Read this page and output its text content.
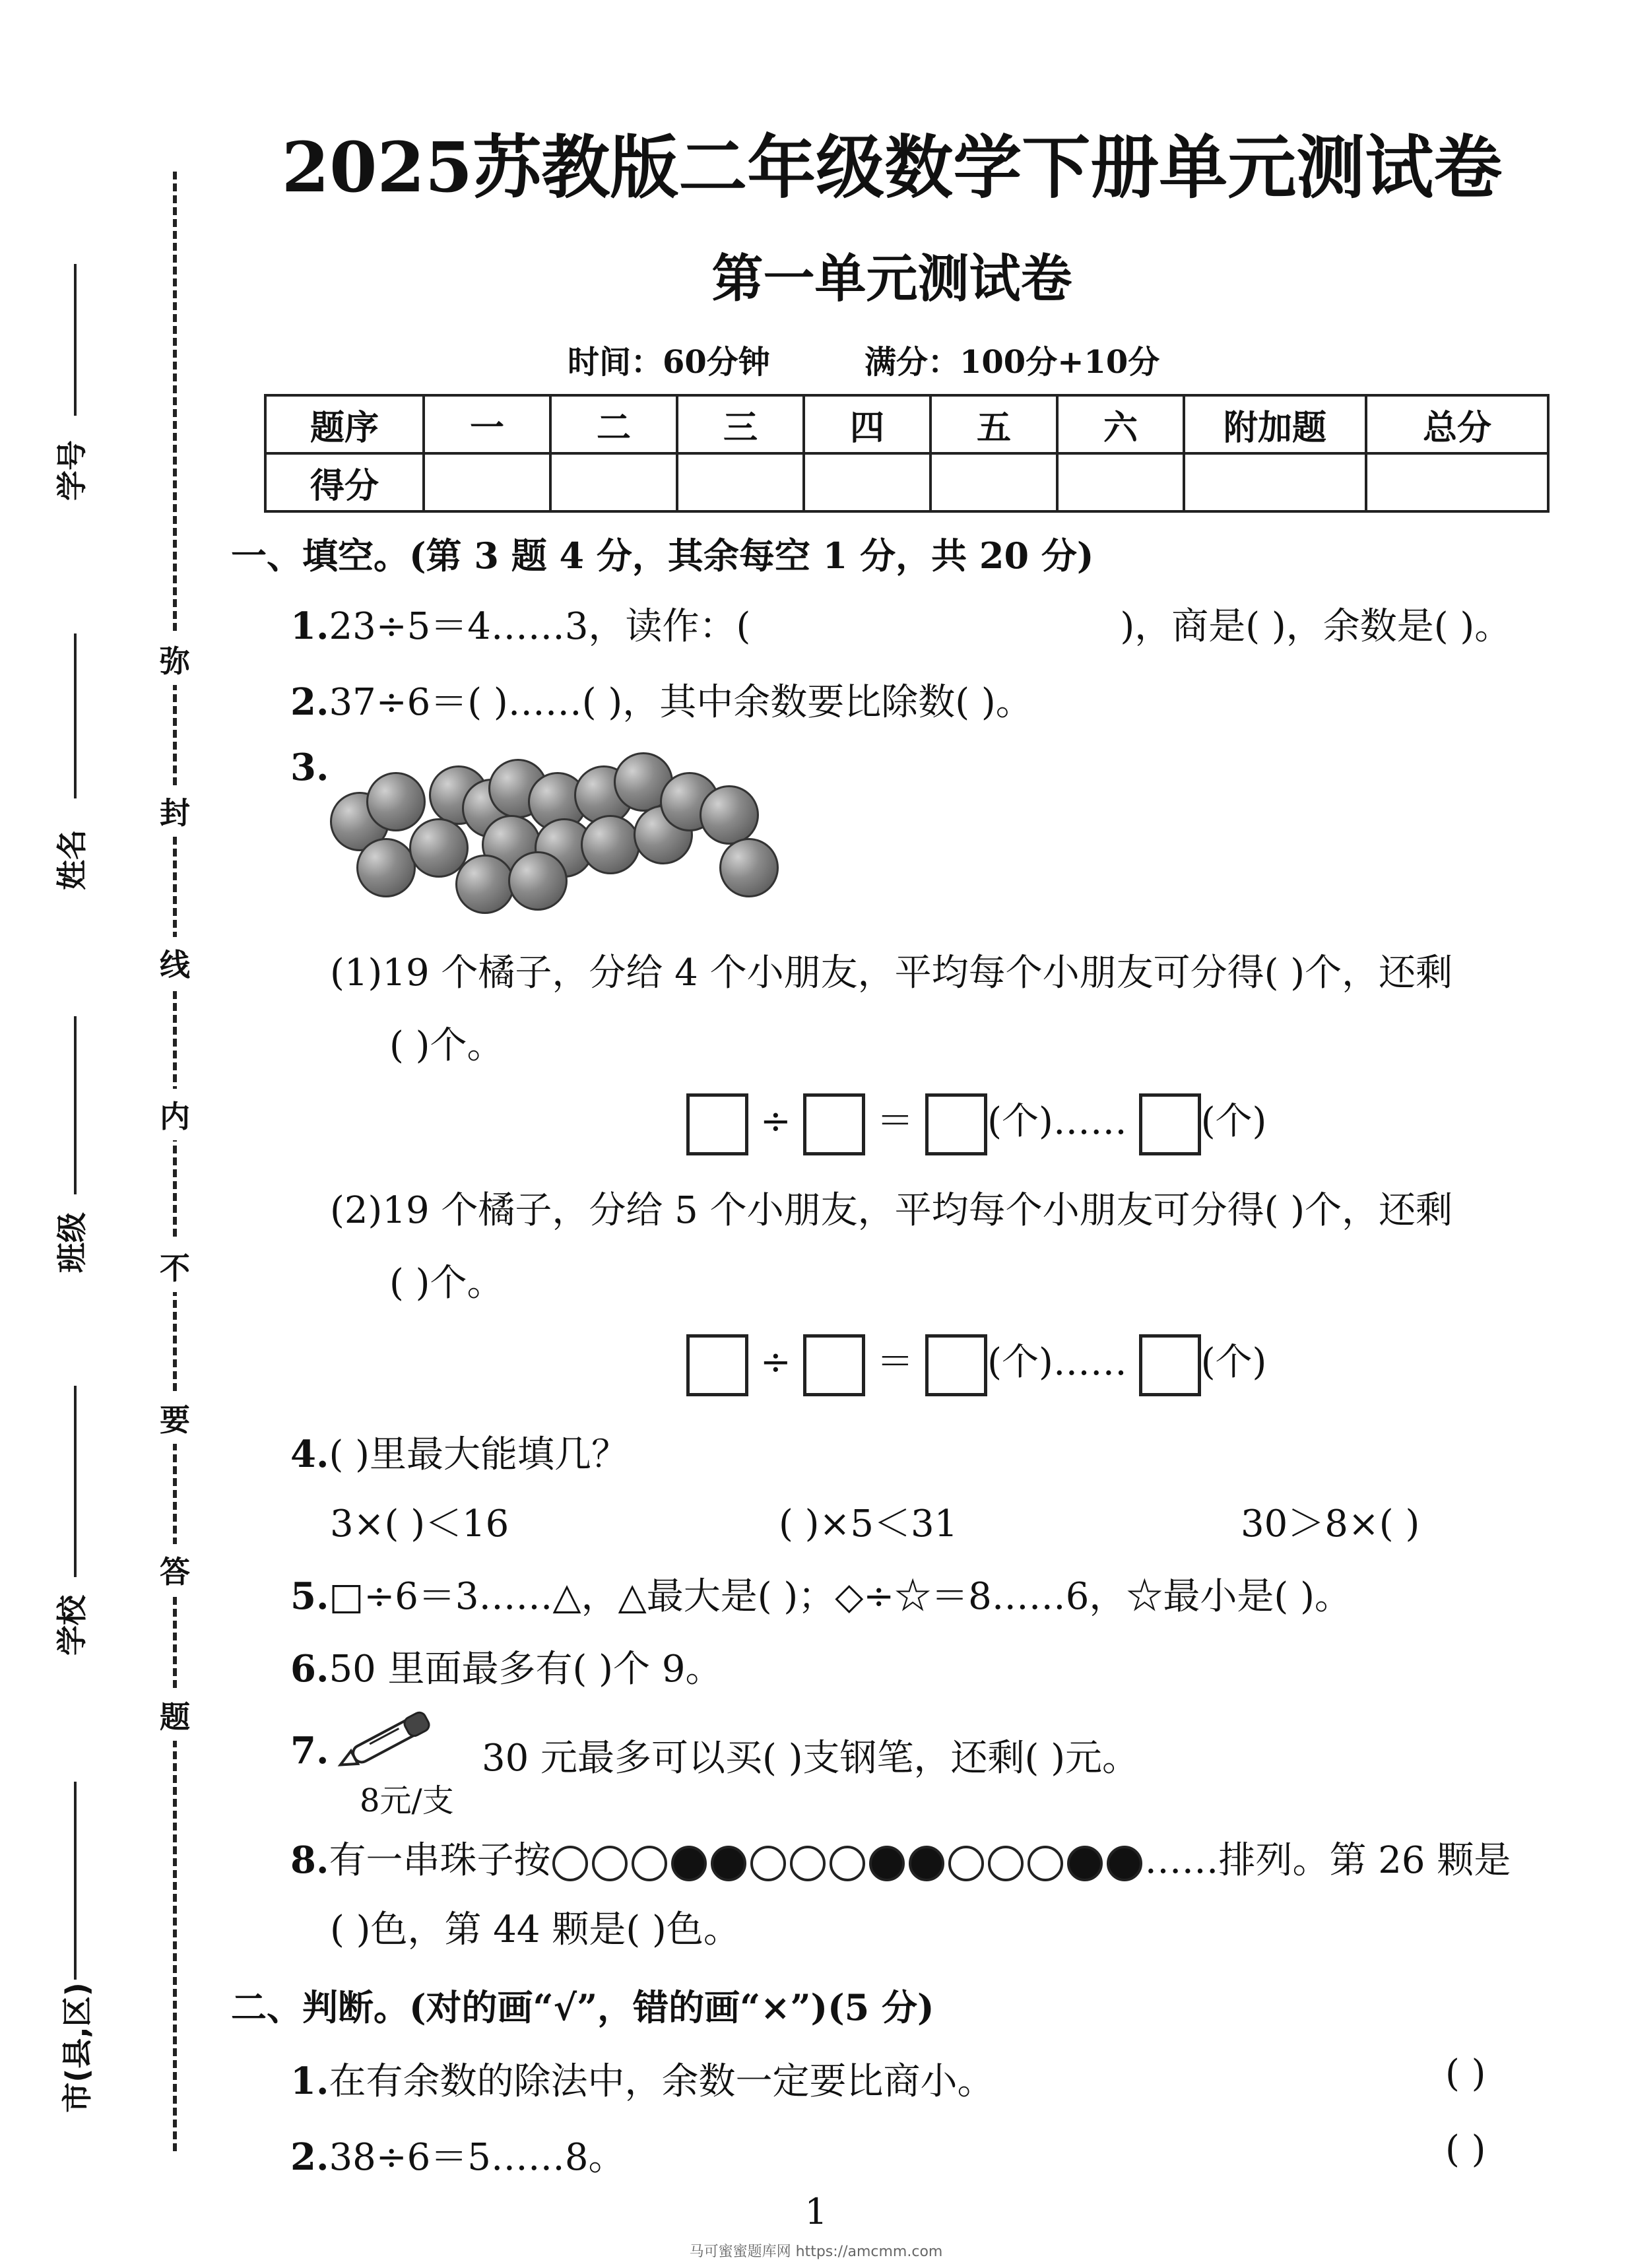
学号
姓名
班级
学校
市(县,区)
弥
封
线
内
不
要
答
题
2025苏教版二年级数学下册单元测试卷
第一单元测试卷
时间：60分钟	满分：100分+10分
题序	一	二	三	四	五	六	附加题	总分
得分								
一、填空。(第 3 题 4 分，其余每空 1 分，共 20 分)
1.23÷5＝4……3，读作：(	)，商是( )，余数是( )。
2.37÷6＝( )……( )，其中余数要比除数( )。
3.
(1)19 个橘子，分给 4 个小朋友，平均每个小朋友可分得( )个，还剩
( )个。
÷ ＝ (个)…… (个)
(2)19 个橘子，分给 5 个小朋友，平均每个小朋友可分得( )个，还剩
( )个。
÷ ＝ (个)…… (个)
4.( )里最大能填几？
3×( )＜16	( )×5＜31	30＞8×( )
5.□÷6＝3……△，△最大是( )；◇÷☆＝8……6，☆最小是( )。
6.50 里面最多有( )个 9。
7.
8元/支
30 元最多可以买( )支钢笔，还剩( )元。
8.有一串珠子按	……排列。第 26 颗是
( )色，第 44 颗是( )色。
二、判断。(对的画“√”，错的画“×”)(5 分)
1.在有余数的除法中，余数一定要比商小。	( )
2.38÷6＝5……8。	( )
1
马可蜜蜜题库网 https://amcmm.com
